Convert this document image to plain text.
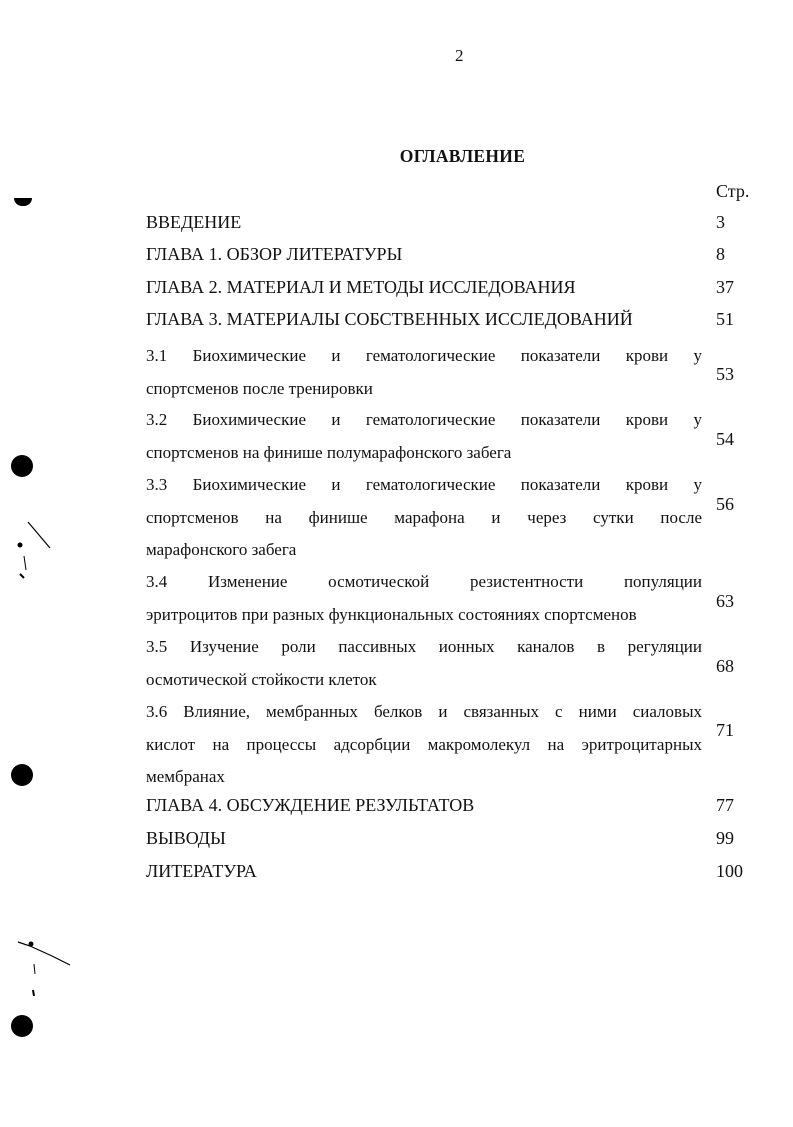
2
ОГЛАВЛЕНИЕ
Стр.
ВВЕДЕНИЕ	3
ГЛАВА 1. ОБЗОР ЛИТЕРАТУРЫ	8
ГЛАВА 2. МАТЕРИАЛ И МЕТОДЫ ИССЛЕДОВАНИЯ	37
ГЛАВА 3. МАТЕРИАЛЫ СОБСТВЕННЫХ ИССЛЕДОВАНИЙ	51
3.1 Биохимические и гематологические показатели крови у
спортсменов после тренировки
53
3.2 Биохимические и гематологические показатели крови у
спортсменов на финише полумарафонского забега
54
3.3 Биохимические и гематологические показатели крови у
спортсменов на финише марафона и через сутки после
марафонского забега
56
3.4 Изменение осмотической резистентности популяции
эритроцитов при разных функциональных состояниях спортсменов
63
3.5 Изучение роли пассивных ионных каналов в регуляции
осмотической стойкости клеток
68
3.6 Влияние, мембранных белков и связанных с ними сиаловых
кислот на процессы адсорбции макромолекул на эритроцитарных
мембранах
71
ГЛАВА 4. ОБСУЖДЕНИЕ РЕЗУЛЬТАТОВ	77
ВЫВОДЫ	99
ЛИТЕРАТУРА	100
